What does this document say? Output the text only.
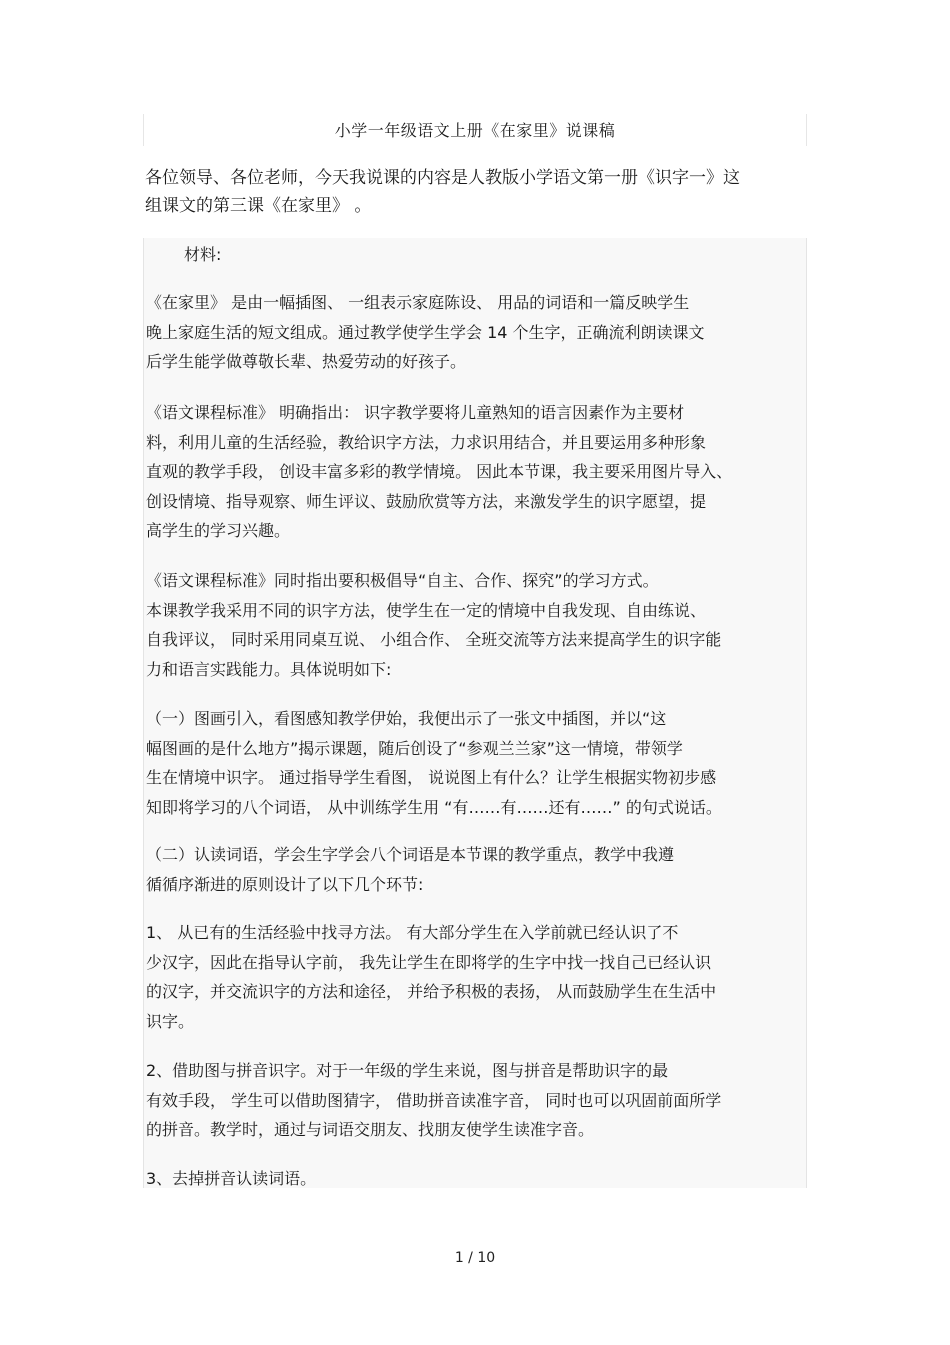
小学一年级语文上册《在家里》说课稿

各位领导、各位老师，今天我说课的内容是人教版小学语文第一册《识字一》这
组课文的第三课《在家里》 。

材料:

《在家里》 是由一幅插图、 一组表示家庭陈设、 用品的词语和一篇反映学生
晚上家庭生活的短文组成。通过教学使学生学会 14 个生字，正确流利朗读课文
后学生能学做尊敬长辈、热爱劳动的好孩子。

《语文课程标准》 明确指出： 识字教学要将儿童熟知的语言因素作为主要材
料，利用儿童的生活经验，教给识字方法，力求识用结合，并且要运用多种形象
直观的教学手段， 创设丰富多彩的教学情境。 因此本节课，我主要采用图片导入、
创设情境、指导观察、师生评议、鼓励欣赏等方法，来激发学生的识字愿望，提
高学生的学习兴趣。

《语文课程标准》同时指出要积极倡导“自主、合作、探究”的学习方式。
本课教学我采用不同的识字方法，使学生在一定的情境中自我发现、自由练说、
自我评议， 同时采用同桌互说、 小组合作、 全班交流等方法来提高学生的识字能
力和语言实践能力。具体说明如下:

（一）图画引入，看图感知教学伊始，我便出示了一张文中插图，并以“这
幅图画的是什么地方”揭示课题，随后创设了“参观兰兰家”这一情境，带领学
生在情境中识字。 通过指导学生看图， 说说图上有什么？让学生根据实物初步感
知即将学习的八个词语， 从中训练学生用 “有……有……还有……” 的句式说话。

（二）认读词语，学会生字学会八个词语是本节课的教学重点，教学中我遵
循循序渐进的原则设计了以下几个环节:

1、 从已有的生活经验中找寻方法。 有大部分学生在入学前就已经认识了不
少汉字，因此在指导认字前， 我先让学生在即将学的生字中找一找自己已经认识
的汉字，并交流识字的方法和途径， 并给予积极的表扬， 从而鼓励学生在生活中
识字。

2、借助图与拼音识字。对于一年级的学生来说，图与拼音是帮助识字的最
有效手段， 学生可以借助图猜字， 借助拼音读准字音， 同时也可以巩固前面所学
的拼音。教学时，通过与词语交朋友、找朋友使学生读准字音。

3、去掉拼音认读词语。

1 / 10
